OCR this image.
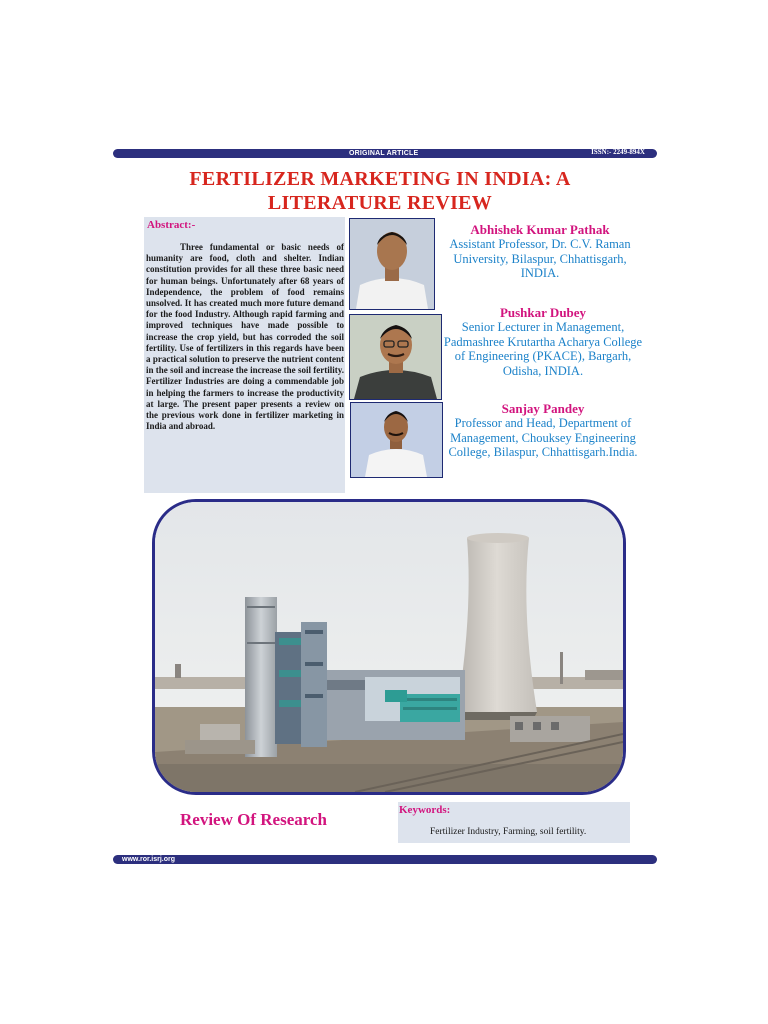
ORIGINAL ARTICLE	ISSN:- 2249-894X
FERTILIZER MARKETING IN INDIA: A LITERATURE REVIEW
Abstract:-
Three fundamental or basic needs of humanity are food, cloth and shelter. Indian constitution provides for all these three basic need for human beings. Unfortunately after 68 years of Independence, the problem of food remains unsolved. It has created much more future demand for the food Industry. Although rapid farming and improved techniques have made possible to increase the crop yield, but has corroded the soil fertility. Use of fertilizers in this regards have been a practical solution to preserve the nutrient content in the soil and increase the increase the soil fertility. Fertilizer Industries are doing a commendable job in helping the farmers to increase the productivity at large. The present paper presents a review on the previous work done in fertilizer marketing in India and abroad.
Abhishek Kumar Pathak
Assistant Professor, Dr. C.V. Raman University, Bilaspur, Chhattisgarh, INDIA.
Pushkar Dubey
Senior Lecturer in Management, Padmashree Krutartha Acharya College of Engineering (PKACE), Bargarh, Odisha, INDIA.
Sanjay Pandey
Professor and Head, Department of Management, Chouksey Engineering College, Bilaspur, Chhattisgarh.India.
Review Of Research	Keywords:
Fertilizer Industry, Farming, soil fertility.
www.ror.isrj.org
